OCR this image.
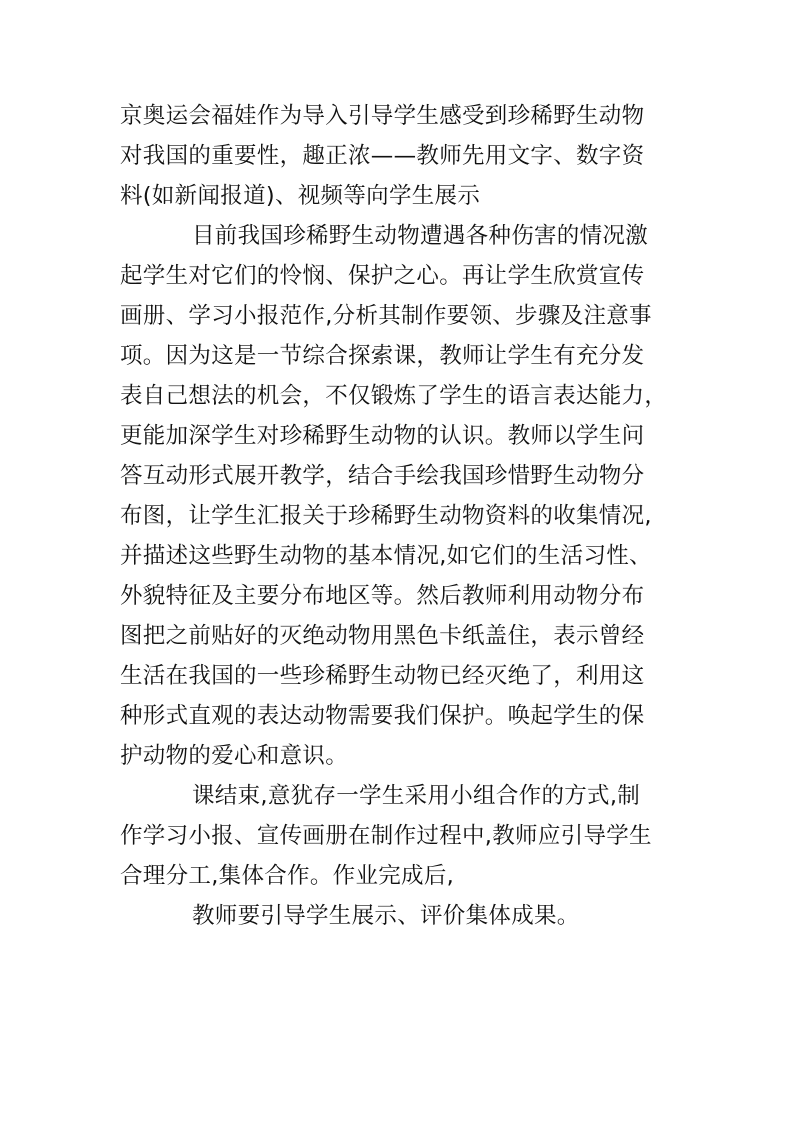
京奥运会福娃作为导入引导学生感受到珍稀野生动物
对我国的重要性，趣正浓——教师先用文字、数字资
料(如新闻报道)、视频等向学生展示
目前我国珍稀野生动物遭遇各种伤害的情况激
起学生对它们的怜悯、保护之心。再让学生欣赏宣传
画册、学习小报范作,分析其制作要领、步骤及注意事
项。因为这是一节综合探索课，教师让学生有充分发
表自己想法的机会，不仅锻炼了学生的语言表达能力，
更能加深学生对珍稀野生动物的认识。教师以学生问
答互动形式展开教学，结合手绘我国珍惜野生动物分
布图，让学生汇报关于珍稀野生动物资料的收集情况,
并描述这些野生动物的基本情况,如它们的生活习性、
外貌特征及主要分布地区等。然后教师利用动物分布
图把之前贴好的灭绝动物用黑色卡纸盖住，表示曾经
生活在我国的一些珍稀野生动物已经灭绝了，利用这
种形式直观的表达动物需要我们保护。唤起学生的保
护动物的爱心和意识。
课结束,意犹存一学生采用小组合作的方式,制
作学习小报、宣传画册在制作过程中,教师应引导学生
合理分工,集体合作。作业完成后,
教师要引导学生展示、评价集体成果。
